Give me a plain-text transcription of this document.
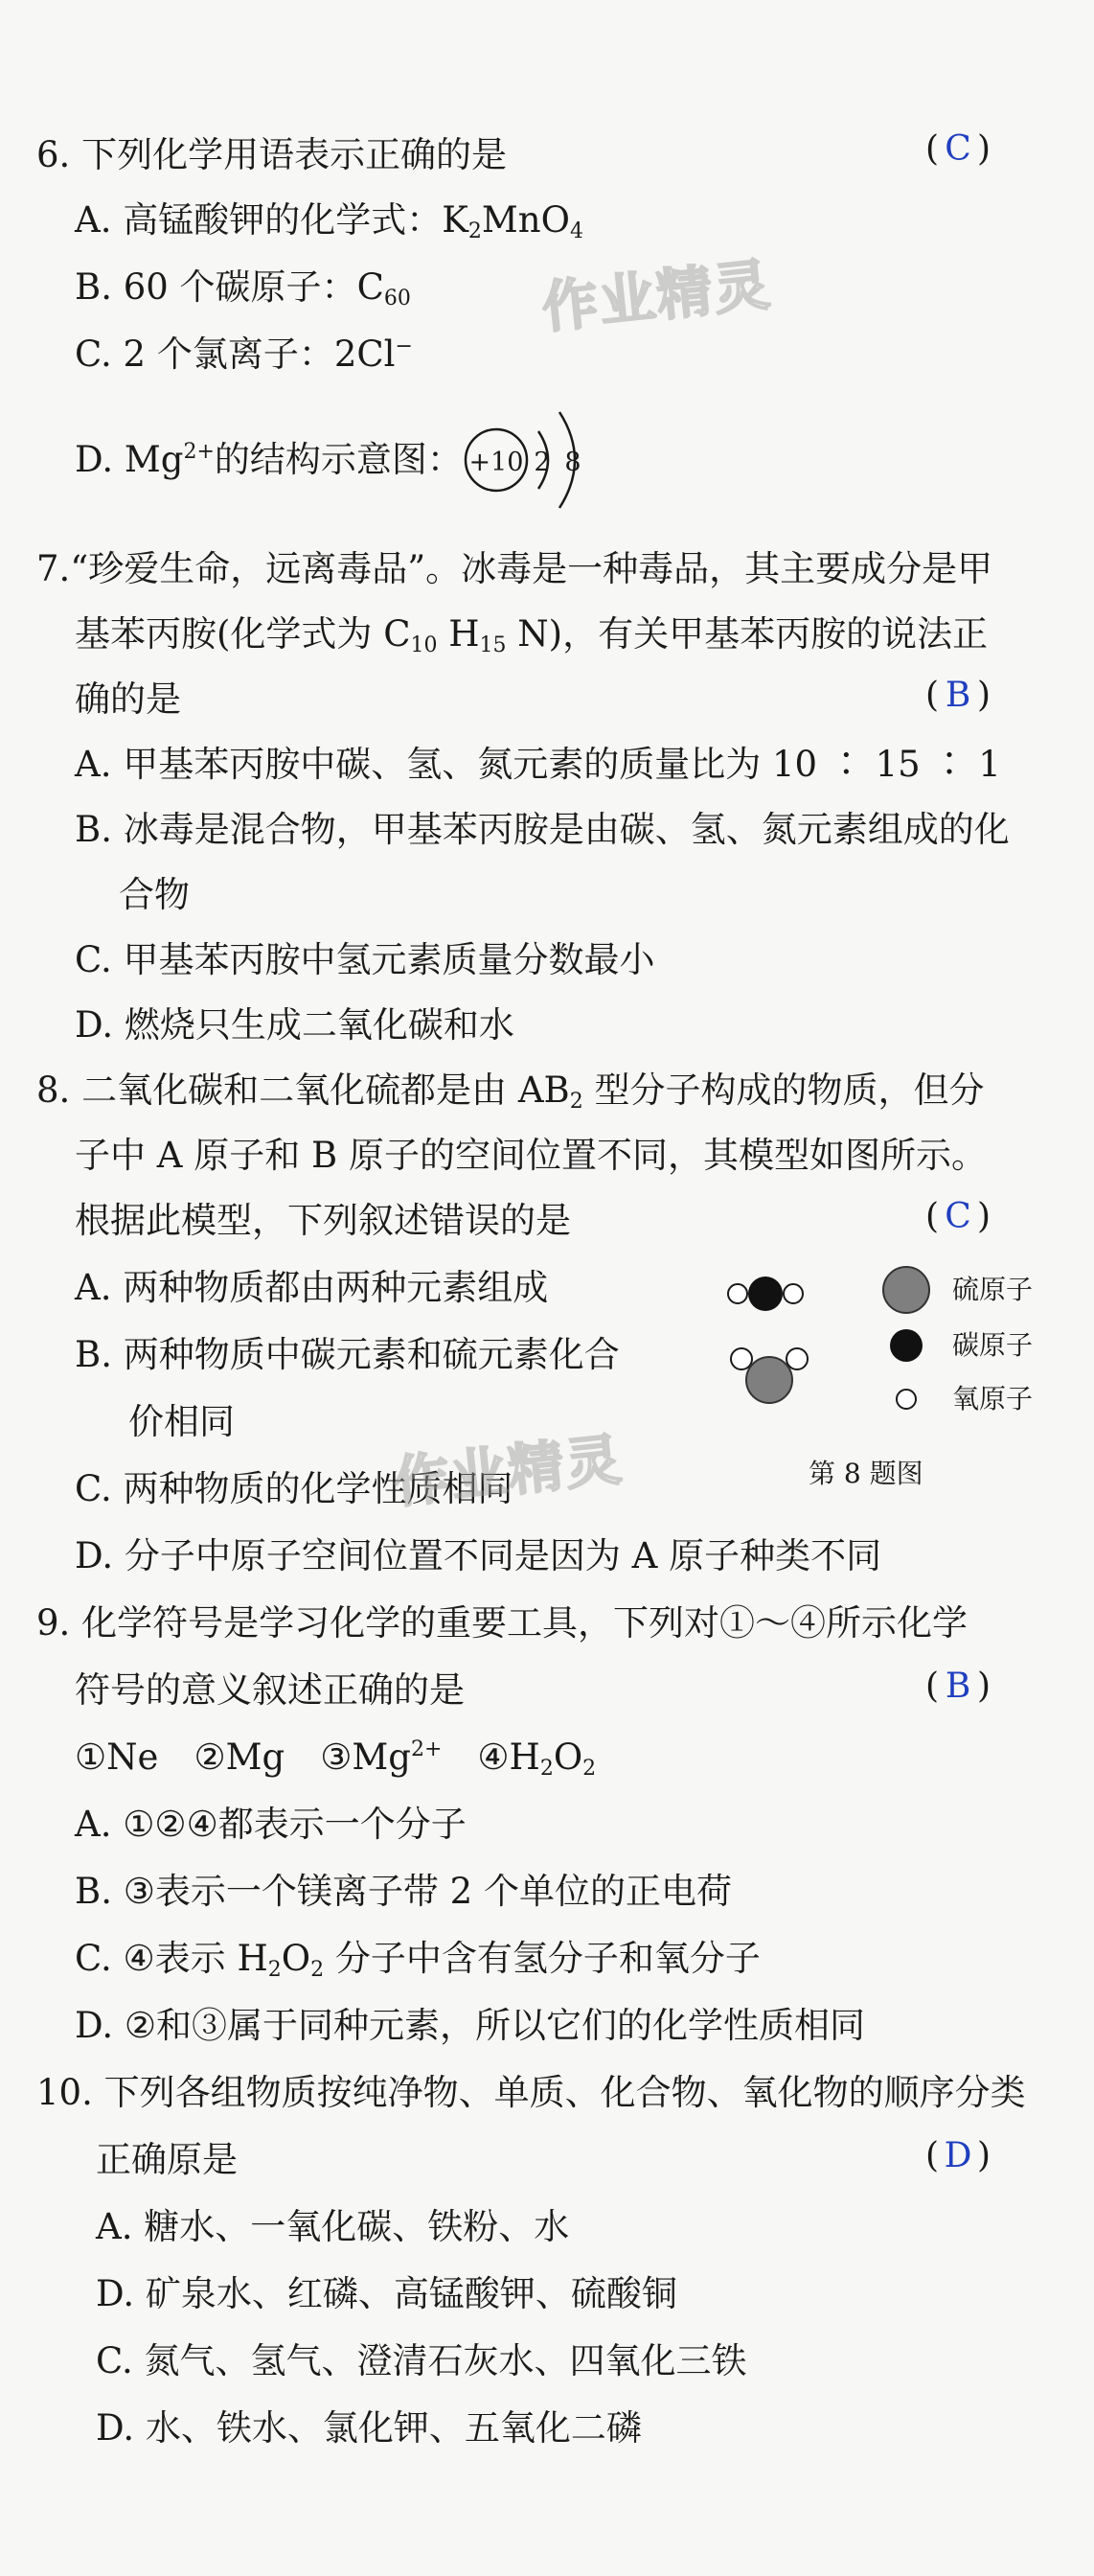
6. 下列化学用语表示正确的是	( C )
A. 高锰酸钾的化学式：$K_2MnO_4$
B. 60 个碳原子：$C_{60}$
C. 2 个氯离子：2Cl−
D. $Mg^{2+}$的结构示意图： +10 2 8
作业精灵
7.“珍爱生命，远离毒品”。冰毒是一种毒品，其主要成分是甲
基苯丙胺(化学式为 $C_{10}$ $H_{15}$ N)，有关甲基苯丙胺的说法正
确的是	( B )
A. 甲基苯丙胺中碳、氢、氮元素的质量比为 10 ∶ 15 ∶ 1
B. 冰毒是混合物，甲基苯丙胺是由碳、氢、氮元素组成的化
合物
C. 甲基苯丙胺中氢元素质量分数最小
D. 燃烧只生成二氧化碳和水
8. 二氧化碳和二氧化硫都是由 $AB_2$ 型分子构成的物质，但分
子中 A 原子和 B 原子的空间位置不同，其模型如图所示。
根据此模型，下列叙述错误的是	( C )
A. 两种物质都由两种元素组成
B. 两种物质中碳元素和硫元素化合
价相同
C. 两种物质的化学性质相同
D. 分子中原子空间位置不同是因为 A 原子种类不同
硫原子
碳原子
氧原子
第 8 题图
作业精灵
9. 化学符号是学习化学的重要工具，下列对①～④所示化学
符号的意义叙述正确的是	( B )
①Ne  ②Mg  $③Mg^{2+}$  $④H_2O_2$
A. ①②④都表示一个分子
B. ③表示一个镁离子带 2 个单位的正电荷
C. ④表示 $H_2O_2$ 分子中含有氢分子和氧分子
D. ②和③属于同种元素，所以它们的化学性质相同
10. 下列各组物质按纯净物、单质、化合物、氧化物的顺序分类
正确原是	( D )
A. 糖水、一氧化碳、铁粉、水
D. 矿泉水、红磷、高锰酸钾、硫酸铜
C. 氮气、氢气、澄清石灰水、四氧化三铁
D. 水、铁水、氯化钾、五氧化二磷
